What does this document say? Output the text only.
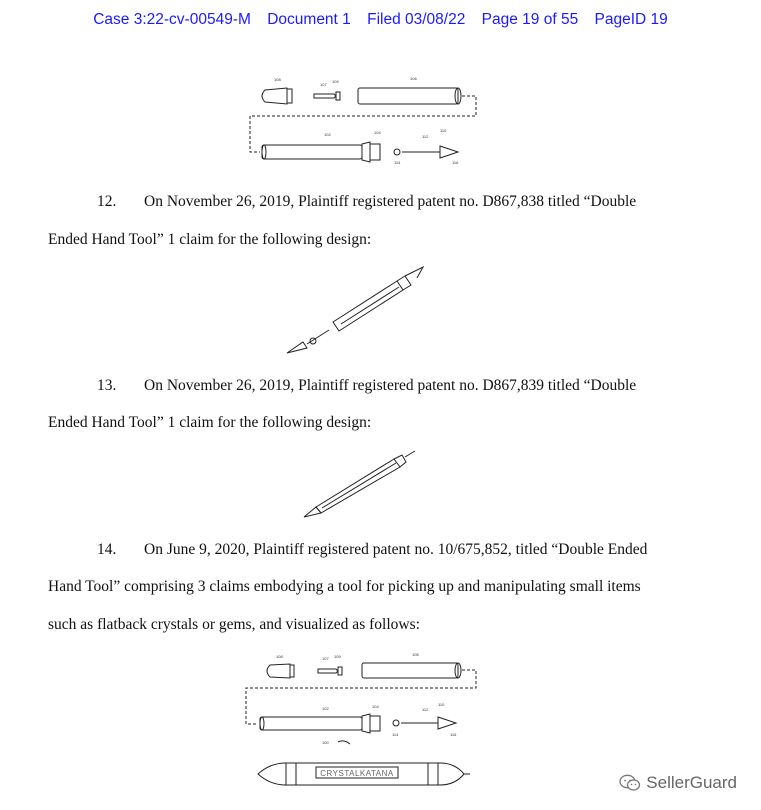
Case 3:22-cv-00549-M Document 1 Filed 03/08/22 Page 19 of 55 PageID 19
108
107
109
106
102	104
112
110
114	116
12. On November 26, 2019, Plaintiff registered patent no. D867,838 titled “Double
Ended Hand Tool” 1 claim for the following design:
13. On November 26, 2019, Plaintiff registered patent no. D867,839 titled “Double
Ended Hand Tool” 1 claim for the following design:
14. On June 9, 2020, Plaintiff registered patent no. 10/675,852, titled “Double Ended
Hand Tool” comprising 3 claims embodying a tool for picking up and manipulating small items
such as flatback crystals or gems, and visualized as follows:
108	107 109	106
102	104
112
110
114	116
100
CRYSTALKATANA	SellerGuard
